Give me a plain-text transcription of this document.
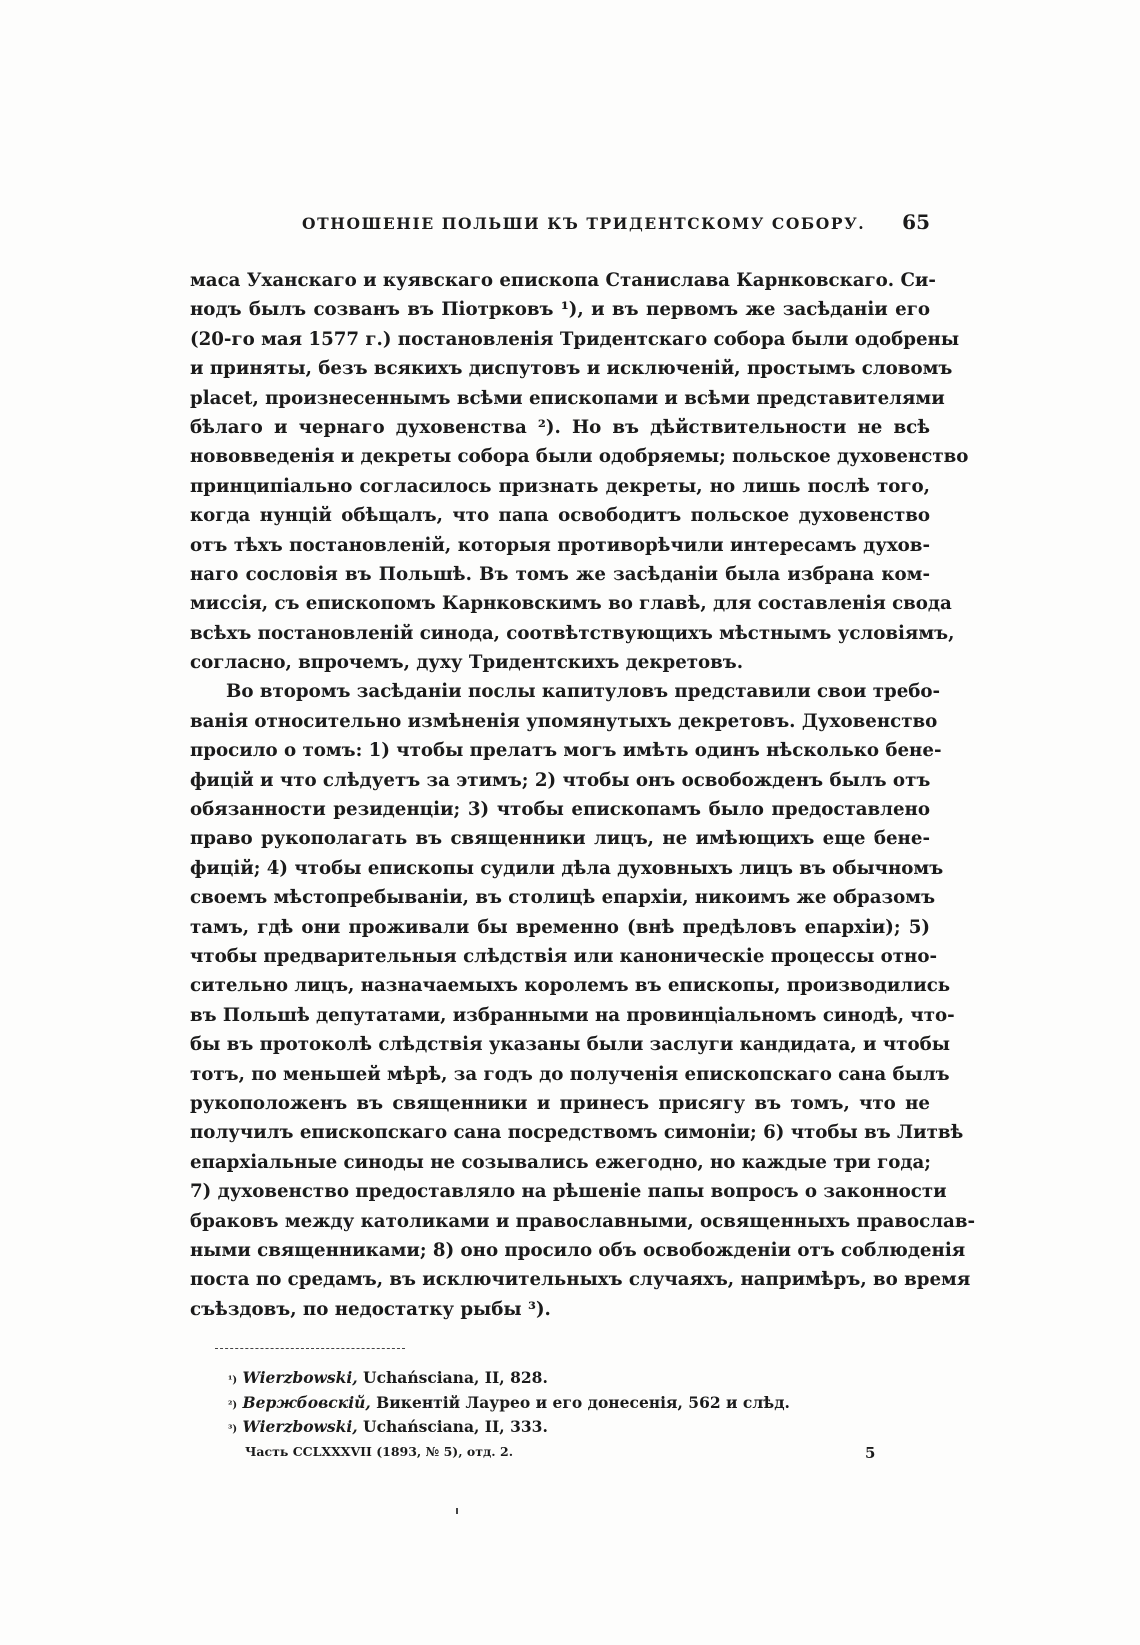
ОТНОШЕНІЕ ПОЛЬШИ КЪ ТРИДЕНТСКОМУ СОБОРУ. 65
маса Уханскаго и куявскаго епископа Станислава Карнковскаго. Си-
нодъ былъ созванъ въ Піотрковъ ¹), и въ первомъ же засѣданіи его
(20-го мая 1577 г.) постановленія Тридентскаго собора были одобрены
и приняты, безъ всякихъ диспутовъ и исключеній, простымъ словомъ
placet, произнесеннымъ всѣми епископами и всѣми представителями
бѣлаго и чернаго духовенства ²). Но въ дѣйствительности не всѣ
нововведенія и декреты собора были одобряемы; польское духовенство
принципіально согласилось признать декреты, но лишь послѣ того,
когда нунцій обѣщалъ, что папа освободитъ польское духовенство
отъ тѣхъ постановленій, которыя противорѣчили интересамъ духов-
наго сословія въ Польшѣ. Въ томъ же засѣданіи была избрана ком-
миссія, съ епископомъ Карнковскимъ во главѣ, для составленія свода
всѣхъ постановленій синода, соотвѣтствующихъ мѣстнымъ условіямъ,
согласно, впрочемъ, духу Тридентскихъ декретовъ.
Во второмъ засѣданіи послы капитуловъ представили свои требо-
ванія относительно измѣненія упомянутыхъ декретовъ. Духовенство
просило о томъ: 1) чтобы прелатъ могъ имѣть одинъ нѣсколько бене-
фицій и что слѣдуетъ за этимъ; 2) чтобы онъ освобожденъ былъ отъ
обязанности резиденціи; 3) чтобы епископамъ было предоставлено
право рукополагать въ священники лицъ, не имѣющихъ еще бене-
фицій; 4) чтобы епископы судили дѣла духовныхъ лицъ въ обычномъ
своемъ мѣстопребываніи, въ столицѣ епархіи, никоимъ же образомъ
тамъ, гдѣ они проживали бы временно (внѣ предѣловъ епархіи); 5)
чтобы предварительныя слѣдствія или каноническіе процессы отно-
сительно лицъ, назначаемыхъ королемъ въ епископы, производились
въ Польшѣ депутатами, избранными на провинціальномъ синодѣ, что-
бы въ протоколѣ слѣдствія указаны были заслуги кандидата, и чтобы
тотъ, по меньшей мѣрѣ, за годъ до полученія епископскаго сана былъ
рукоположенъ въ священники и принесъ присягу въ томъ, что не
получилъ епископскаго сана посредствомъ симоніи; 6) чтобы въ Литвѣ
епархіальные синоды не созывались ежегодно, но каждые три года;
7) духовенство предоставляло на рѣшеніе папы вопросъ о законности
браковъ между католиками и православными, освященныхъ православ-
ными священниками; 8) оно просило объ освобожденіи отъ соблюденія
поста по средамъ, въ исключительныхъ случаяхъ, напримѣръ, во время
съѣздовъ, по недостатку рыбы ³).
$^{^1)}$ Wierzbowski, Uchańsciana, II, 828.
$^{^2)}$ Вержбовскій, Викентій Лауреo и его донесенія, 562 и слѣд.
$^{^3)}$ Wierzbowski, Uchańsciana, II, 333.
Часть CCLXXXVII (1893, № 5), отд. 2.	5
